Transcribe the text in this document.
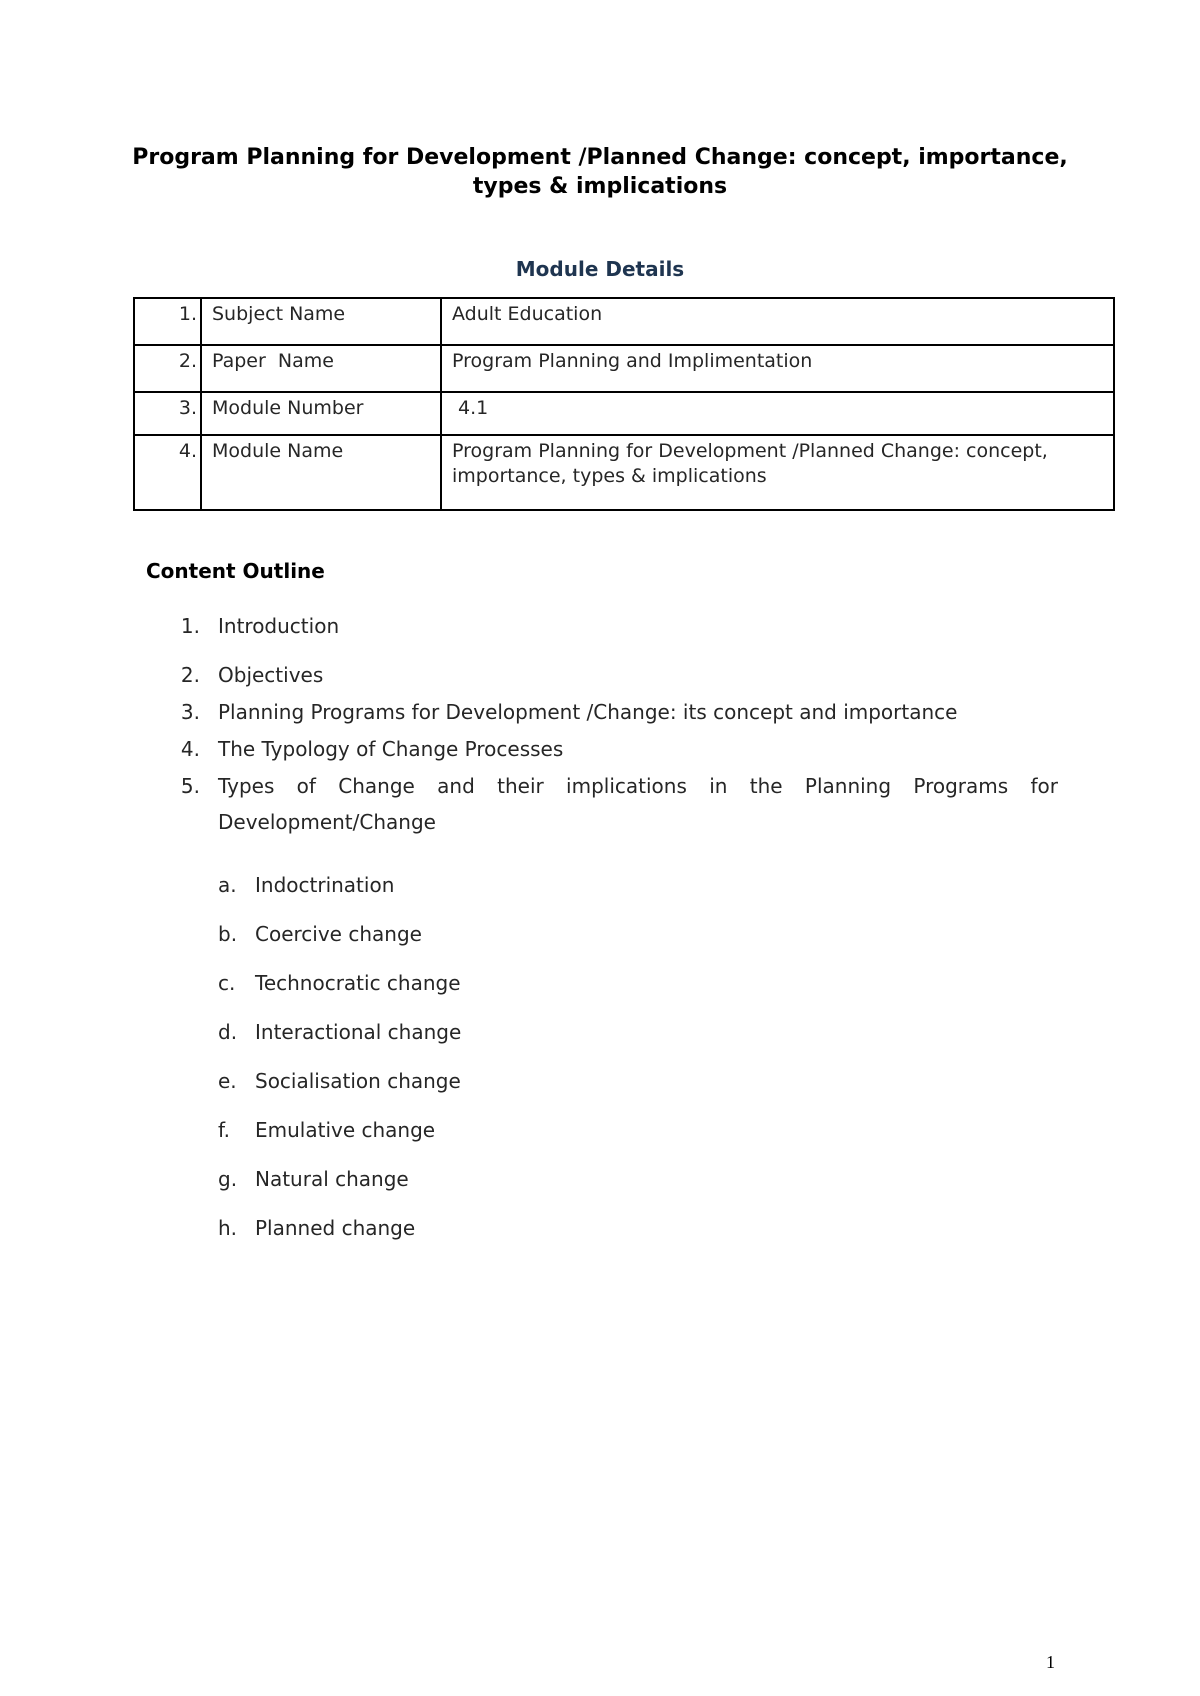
Program Planning for Development /Planned Change: concept, importance, types & implications
Module Details
1.	Subject Name	Adult Education
2.	Paper  Name	Program Planning and Implimentation
3.	Module Number	4.1
4.	Module Name	Program Planning for Development /Planned Change: concept, importance, types & implications
Content Outline
1. Introduction
2. Objectives
3. Planning Programs for Development /Change: its concept and importance
4. The Typology of Change Processes
5. Types of Change and their implications in the Planning Programs for Development/Change
a. Indoctrination
b. Coercive change
c. Technocratic change
d. Interactional change
e. Socialisation change
f.	Emulative change
g. Natural change
h. Planned change
1
